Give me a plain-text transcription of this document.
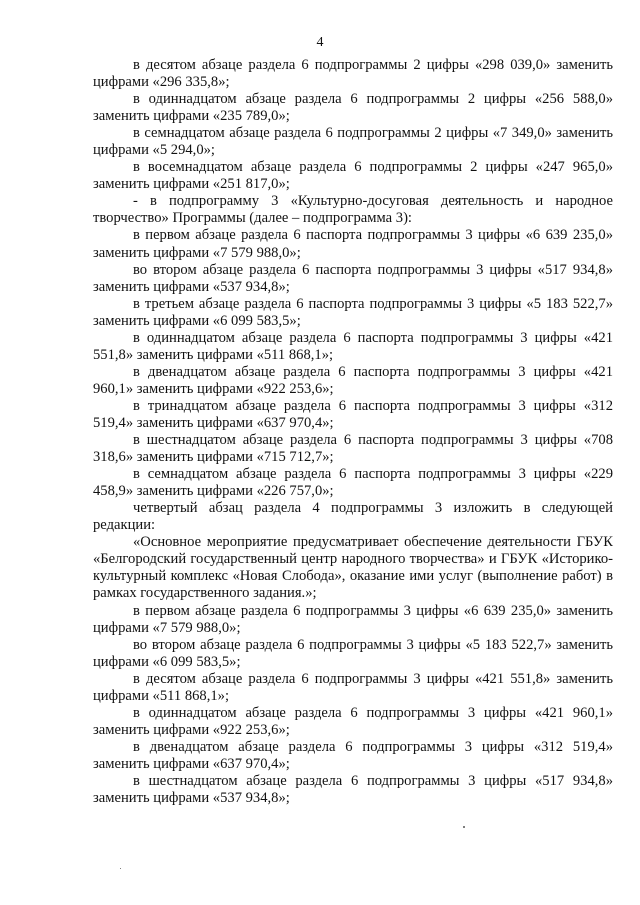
4

в десятом абзаце раздела 6 подпрограммы 2 цифры «298 039,0» заменить цифрами «296 335,8»;

в одиннадцатом абзаце раздела 6 подпрограммы 2 цифры «256 588,0» заменить цифрами «235 789,0»;

в семнадцатом абзаце раздела 6 подпрограммы 2 цифры «7 349,0» заменить цифрами «5 294,0»;

в восемнадцатом абзаце раздела 6 подпрограммы 2 цифры «247 965,0» заменить цифрами «251 817,0»;

- в подпрограмму 3 «Культурно-досуговая деятельность и народное творчество» Программы (далее – подпрограмма 3):

в первом абзаце раздела 6 паспорта подпрограммы 3 цифры «6 639 235,0» заменить цифрами «7 579 988,0»;

во втором абзаце раздела 6 паспорта подпрограммы 3 цифры «517 934,8» заменить цифрами «537 934,8»;

в третьем абзаце раздела 6 паспорта подпрограммы 3 цифры «5 183 522,7» заменить цифрами «6 099 583,5»;

в одиннадцатом абзаце раздела 6 паспорта подпрограммы 3 цифры «421 551,8» заменить цифрами «511 868,1»;

в двенадцатом абзаце раздела 6 паспорта подпрограммы 3 цифры «421 960,1» заменить цифрами «922 253,6»;

в тринадцатом абзаце раздела 6 паспорта подпрограммы 3 цифры «312 519,4» заменить цифрами «637 970,4»;

в шестнадцатом абзаце раздела 6 паспорта подпрограммы 3 цифры «708 318,6» заменить цифрами «715 712,7»;

в семнадцатом абзаце раздела 6 паспорта подпрограммы 3 цифры «229 458,9» заменить цифрами «226 757,0»;

четвертый абзац раздела 4 подпрограммы 3 изложить в следующей редакции:

«Основное мероприятие предусматривает обеспечение деятельности ГБУК «Белгородский государственный центр народного творчества» и ГБУК «Историко-культурный комплекс «Новая Слобода», оказание ими услуг (выполнение работ) в рамках государственного задания.»;

в первом абзаце раздела 6 подпрограммы 3 цифры «6 639 235,0» заменить цифрами «7 579 988,0»;

во втором абзаце раздела 6 подпрограммы 3 цифры «5 183 522,7» заменить цифрами «6 099 583,5»;

в десятом абзаце раздела 6 подпрограммы 3 цифры «421 551,8» заменить цифрами «511 868,1»;

в одиннадцатом абзаце раздела 6 подпрограммы 3 цифры «421 960,1» заменить цифрами «922 253,6»;

в двенадцатом абзаце раздела 6 подпрограммы 3 цифры «312 519,4» заменить цифрами «637 970,4»;

в шестнадцатом абзаце раздела 6 подпрограммы 3 цифры «517 934,8» заменить цифрами «537 934,8»;
